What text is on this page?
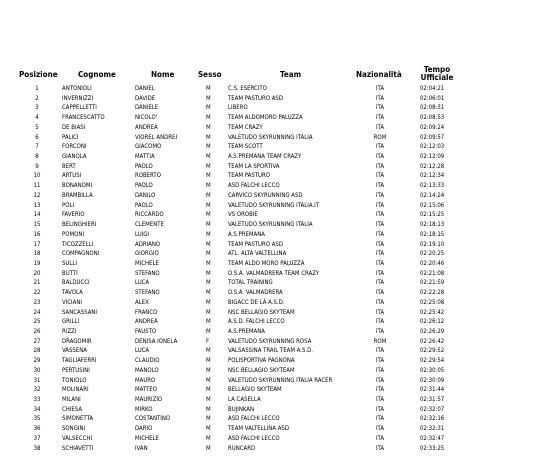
Posizione	Cognome	Nome	Sesso	Team	Nazionalità
Tempo
Ufficiale
1	ANTONIOLI	DANIEL	M	C.S. ESERCITO	ITA	02:04:21
2	INVERNIZZI	DAVIDE	M	TEAM PASTURO ASD	ITA	02:06:01
3	CAPPELLETTI	DANIELE	M	LIBERO	ITA	02:08:31
4	FRANCESCATTO	NICOLO'	M	TEAM ALDOMORO PALUZZA	ITA	02:08:53
5	DE BIASI	ANDREA	M	TEAM CRAZY	ITA	02:09:24
6	PALICI	VIOREL ANDREI	M	VALETUDO SKYRUNNING ITALIA	ROM	02:09:57
7	FORCONI	GIACOMO	M	TEAM SCOTT	ITA	02:12:03
8	GIANOLA	MATTIA	M	A.S.PREMANA TEAM CRAZY	ITA	02:12:09
9	BERT	PAOLO	M	TEAM LA SPORTIVA	ITA	02:12:28
10	ARTUSI	ROBERTO	M	TEAM PASTURO	ITA	02:12:34
11	BONANOMI	PAOLO	M	ASD FALCHI LECCO	ITA	02:13:33
12	BRAMBILLA	DANILO	M	CARVICO SKYRUNNING ASD	ITA	02:14:24
13	POLI	PAOLO	M	VALETUDO SKYRUNNING ITALIA.IT	ITA	02:15:06
14	FAVERIO	RICCARDO	M	VS OROBIE	ITA	02:15:25
15	BELINGHIERI	CLEMENTE	M	VALETUDO SKYRUNNING ITALIA	ITA	02:18:13
16	POMONI	LUIGI	M	A.S.PREMANA	ITA	02:18:15
17	TICOZZELLI	ADRIANO	M	TEAM PASTURO ASD	ITA	02:19:10
18	COMPAGNONI	GIORGIO	M	ATL. ALTA VALTELLINA	ITA	02:20:25
19	SULLI	MICHELE	M	TEAM ALDO MORO PALUZZA	ITA	02:20:46
20	BUTTI	STEFANO	M	O.S.A. VALMADRERA TEAM CRAZY	ITA	02:21:08
21	BALDUCCI	LUCA	M	TOTAL TRAINING	ITA	02:21:59
22	TAVOLA	STEFANO	M	O.S.A. VALMADRERA	ITA	02:22:28
23	VICIANI	ALEX	M	BIGACC DE LÂ A.S.D.	ITA	02:25:08
24	SANCASSANI	FRANCO	M	NSC BELLAGIO SKYTEAM	ITA	02:25:42
25	GRILLI	ANDREA	M	A.S.D. FALCHI LECCO	ITA	02:26:12
26	RIZZI	FAUSTO	M	A.S.PREMANA	ITA	02:26:29
27	DRAGOMIR	DENISA IONELA	F	VALETUDO SKYRUNNING ROSA	ROM	02:26:42
28	VASSENA	LUCA	M	VALSASSINA TRAIL TEAM A.S.D.	ITA	02:29:52
29	TAGLIAFERRI	CLAUDIO	M	POLISPORTIVA PAGNONA	ITA	02:29:54
30	PERTUSINI	MANOLO	M	NSC BELLAGIO SKYTEAM	ITA	02:30:05
31	TONIOLO	MAURO	M	VALETUDO SKYRUNNING ITALIA RACER	ITA	02:30:09
32	MOLINARI	MATTEO	M	BELLAGIO SKYTEAM	ITA	02:31:44
33	MILANI	MAURIZIO	M	LA CASELLA	ITA	02:31:57
34	CHIESA	MIRKO	M	BUJINKAN	ITA	02:32:07
35	SIMONETTA	COSTANTINO	M	ASD FALCHI LECCO	ITA	02:32:16
36	SONGINI	DARIO	M	TEAM VALTELLINA ASD	ITA	02:32:31
37	VALSECCHI	MICHELE	M	ASD FALCHI LECCO	ITA	02:32:47
38	SCHIAVETTI	IVAN	M	RUNCARD	ITA	02:33:25
